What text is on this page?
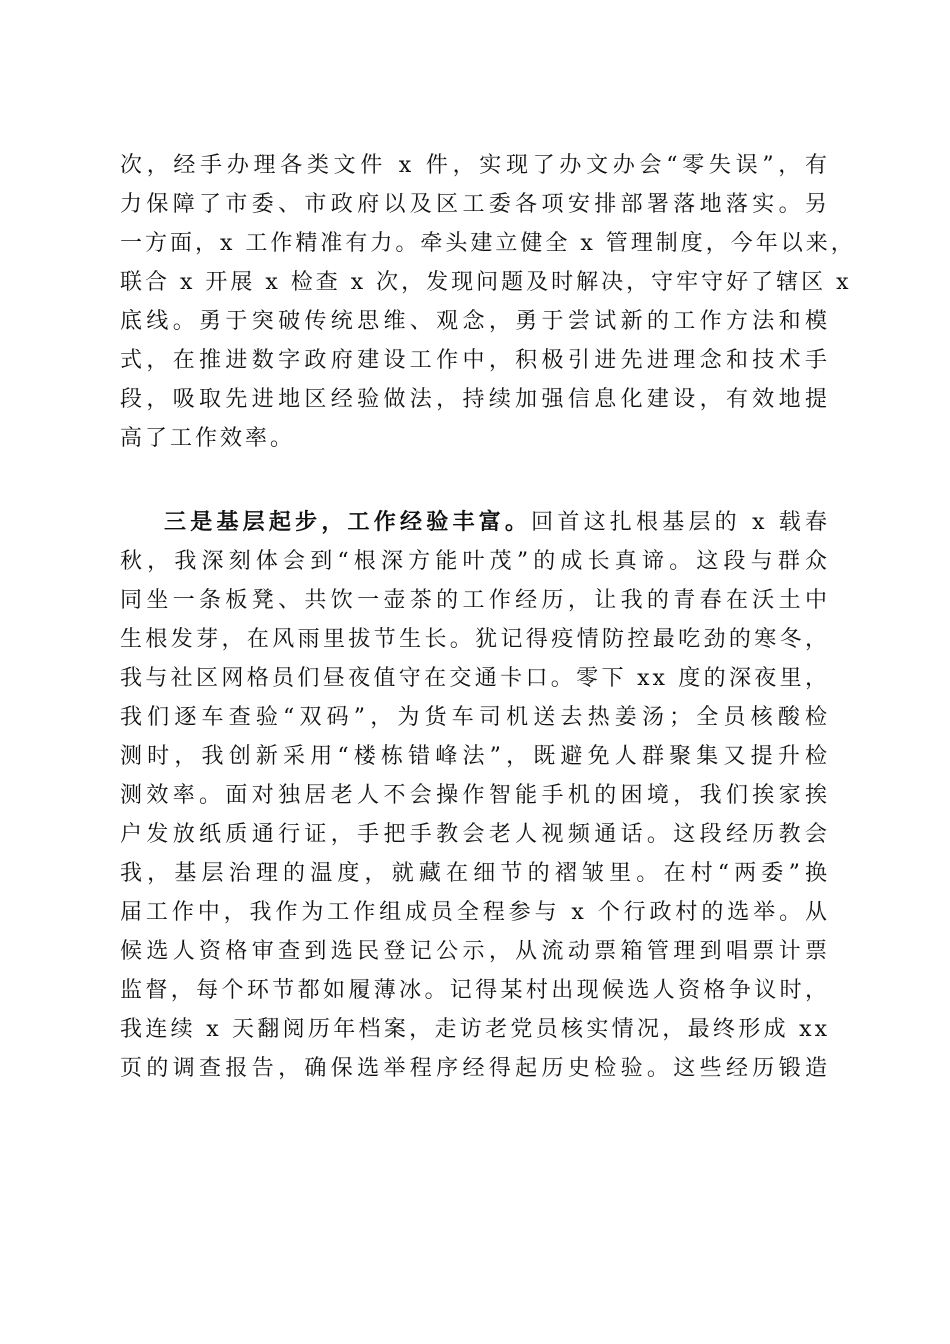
次，经手办理各类文件 x 件，实现了办文办会“零失误”，有
力保障了市委、市政府以及区工委各项安排部署落地落实。另
一方面，x 工作精准有力。牵头建立健全 x 管理制度，今年以来，
联合 x 开展 x 检查 x 次，发现问题及时解决，守牢守好了辖区 x
底线。勇于突破传统思维、观念，勇于尝试新的工作方法和模
式，在推进数字政府建设工作中，积极引进先进理念和技术手
段，吸取先进地区经验做法，持续加强信息化建设，有效地提
高了工作效率。
三是基层起步，工作经验丰富。回首这扎根基层的 x 载春
秋，我深刻体会到“根深方能叶茂”的成长真谛。这段与群众
同坐一条板凳、共饮一壶茶的工作经历，让我的青春在沃土中
生根发芽，在风雨里拔节生长。犹记得疫情防控最吃劲的寒冬，
我与社区网格员们昼夜值守在交通卡口。零下 xx 度的深夜里，
我们逐车查验“双码”，为货车司机送去热姜汤；全员核酸检
测时，我创新采用“楼栋错峰法”，既避免人群聚集又提升检
测效率。面对独居老人不会操作智能手机的困境，我们挨家挨
户发放纸质通行证，手把手教会老人视频通话。这段经历教会
我，基层治理的温度，就藏在细节的褶皱里。在村“两委”换
届工作中，我作为工作组成员全程参与 x 个行政村的选举。从
候选人资格审查到选民登记公示，从流动票箱管理到唱票计票
监督，每个环节都如履薄冰。记得某村出现候选人资格争议时，
我连续 x 天翻阅历年档案，走访老党员核实情况，最终形成 xx
页的调查报告，确保选举程序经得起历史检验。这些经历锻造
